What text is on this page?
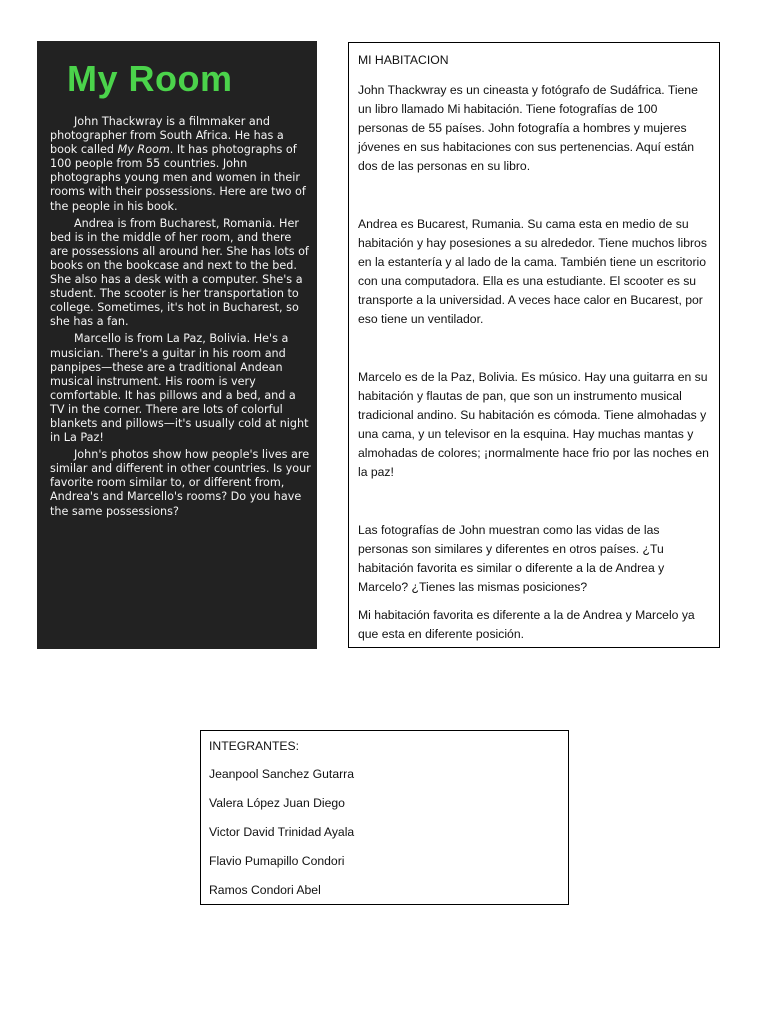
My Room

John Thackwray is a filmmaker and photographer from South Africa. He has a book called My Room. It has photographs of 100 people from 55 countries. John photographs young men and women in their rooms with their possessions. Here are two of the people in his book.

Andrea is from Bucharest, Romania. Her bed is in the middle of her room, and there are possessions all around her. She has lots of books on the bookcase and next to the bed. She also has a desk with a computer. She's a student. The scooter is her transportation to college. Sometimes, it's hot in Bucharest, so she has a fan.

Marcello is from La Paz, Bolivia. He's a musician. There's a guitar in his room and panpipes—these are a traditional Andean musical instrument. His room is very comfortable. It has pillows and a bed, and a TV in the corner. There are lots of colorful blankets and pillows—it's usually cold at night in La Paz!

John's photos show how people's lives are similar and different in other countries. Is your favorite room similar to, or different from, Andrea's and Marcello's rooms? Do you have the same possessions?

MI HABITACION

John Thackwray es un cineasta y fotógrafo de Sudáfrica. Tiene un libro llamado Mi habitación. Tiene fotografías de 100 personas de 55 países. John fotografía a hombres y mujeres jóvenes en sus habitaciones con sus pertenencias. Aquí están dos de las personas en su libro.

Andrea es Bucarest, Rumania. Su cama esta en medio de su habitación y hay posesiones a su alrededor. Tiene muchos libros en la estantería y al lado de la cama. También tiene un escritorio con una computadora. Ella es una estudiante. El scooter es su transporte a la universidad. A veces hace calor en Bucarest, por eso tiene un ventilador.

Marcelo es de la Paz, Bolivia. Es músico. Hay una guitarra en su habitación y flautas de pan, que son un instrumento musical tradicional andino. Su habitación es cómoda. Tiene almohadas y una cama, y un televisor en la esquina. Hay muchas mantas y almohadas de colores; ¡normalmente hace frio por las noches en la paz!

Las fotografías de John muestran como las vidas de las personas son similares y diferentes en otros países. ¿Tu habitación favorita es similar o diferente a la de Andrea y Marcelo? ¿Tienes las mismas posiciones?

Mi habitación favorita es diferente a la de Andrea y Marcelo ya que esta en diferente posición.

INTEGRANTES:

Jeanpool Sanchez Gutarra
Valera López Juan Diego
Victor David Trinidad Ayala
Flavio Pumapillo Condori
Ramos Condori Abel
